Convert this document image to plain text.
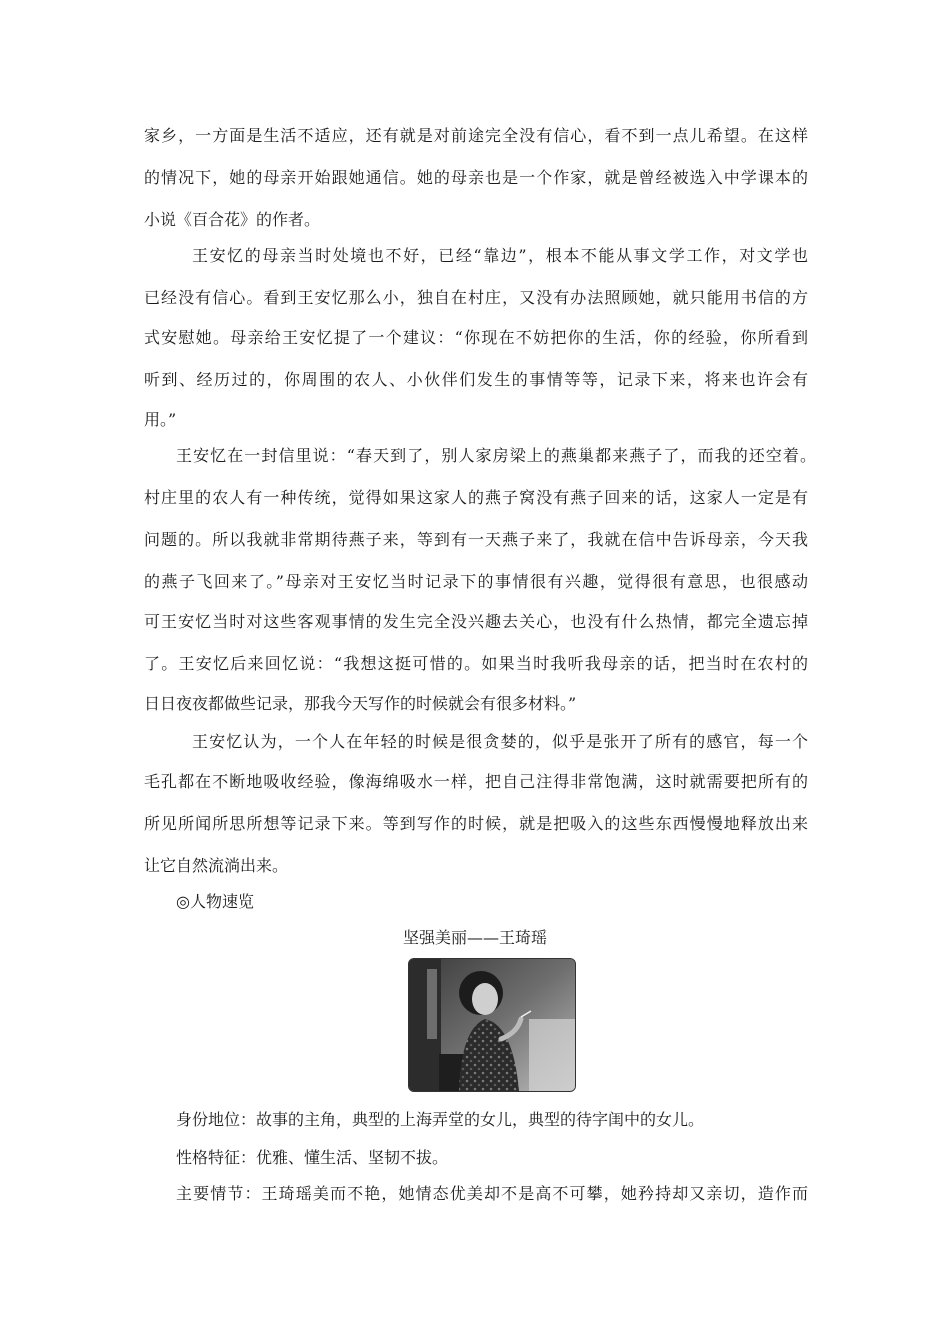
家乡，一方面是生活不适应，还有就是对前途完全没有信心，看不到一点儿希望。在这样
的情况下，她的母亲开始跟她通信。她的母亲也是一个作家，就是曾经被选入中学课本的
小说《百合花》的作者。
王安忆的母亲当时处境也不好，已经“靠边”，根本不能从事文学工作，对文学也
已经没有信心。看到王安忆那么小，独自在村庄，又没有办法照顾她，就只能用书信的方
式安慰她。母亲给王安忆提了一个建议：“你现在不妨把你的生活，你的经验，你所看到
听到、经历过的，你周围的农人、小伙伴们发生的事情等等，记录下来，将来也许会有
用。”
王安忆在一封信里说：“春天到了，别人家房梁上的燕巢都来燕子了，而我的还空着。
村庄里的农人有一种传统，觉得如果这家人的燕子窝没有燕子回来的话，这家人一定是有
问题的。所以我就非常期待燕子来，等到有一天燕子来了，我就在信中告诉母亲，今天我
的燕子飞回来了。”母亲对王安忆当时记录下的事情很有兴趣，觉得很有意思，也很感动
可王安忆当时对这些客观事情的发生完全没兴趣去关心，也没有什么热情，都完全遗忘掉
了。王安忆后来回忆说：“我想这挺可惜的。如果当时我听我母亲的话，把当时在农村的
日日夜夜都做些记录，那我今天写作的时候就会有很多材料。”
王安忆认为，一个人在年轻的时候是很贪婪的，似乎是张开了所有的感官，每一个
毛孔都在不断地吸收经验，像海绵吸水一样，把自己注得非常饱满，这时就需要把所有的
所见所闻所思所想等记录下来。等到写作的时候，就是把吸入的这些东西慢慢地释放出来
让它自然流淌出来。
◎人物速览
坚强美丽——王琦瑶
身份地位：故事的主角，典型的上海弄堂的女儿，典型的待字闺中的女儿。
性格特征：优雅、懂生活、坚韧不拔。
主要情节：王琦瑶美而不艳，她情态优美却不是高不可攀，她矜持却又亲切，造作而
